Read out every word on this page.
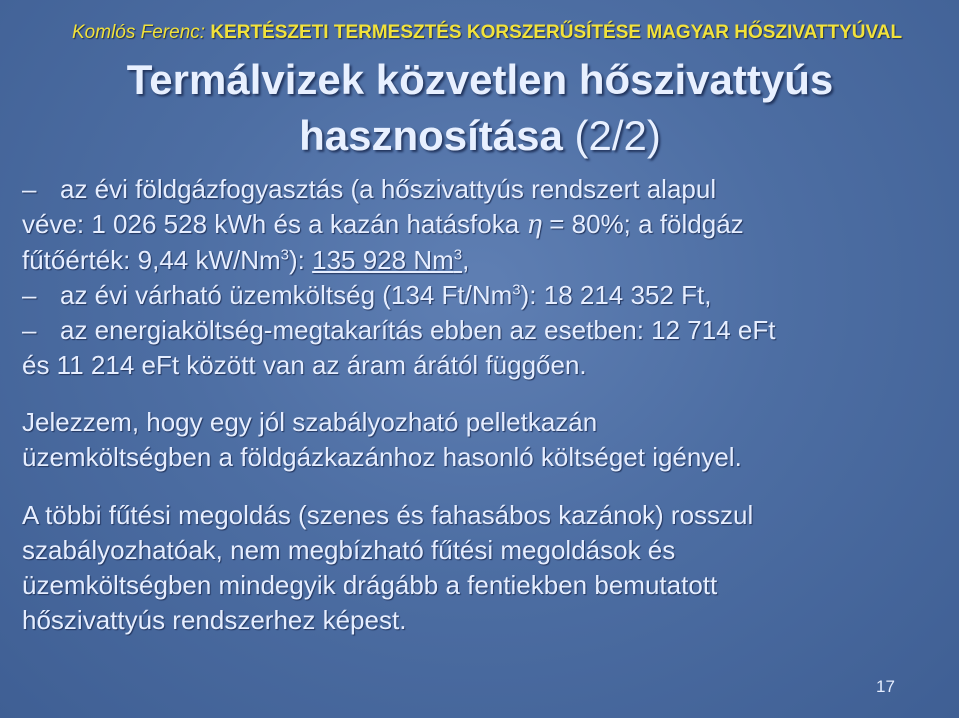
Komlós Ferenc: KERTÉSZETI TERMESZTÉS KORSZERŰSÍTÉSE MAGYAR HŐSZIVATTYÚVAL
Termálvizek közvetlen hőszivattyús
hasznosítása (2/2)
– az évi földgázfogyasztás (a hőszivattyús rendszert alapul
véve: 1 026 528 kWh és a kazán hatásfoka η = 80%; a földgáz
fűtőérték: 9,44 kW/Nm$^3$): 135 928 Nm$^3$,
– az évi várható üzemköltség (134 Ft/Nm$^3$): 18 214 352 Ft,
– az energiaköltség-megtakarítás ebben az esetben: 12 714 eFt
és 11 214 eFt között van az áram árától függően.
Jelezzem, hogy egy jól szabályozható pelletkazán
üzemköltségben a földgázkazánhoz hasonló költséget igényel.
A többi fűtési megoldás (szenes és fahasábos kazánok) rosszul
szabályozhatóak, nem megbízható fűtési megoldások és
üzemköltségben mindegyik drágább a fentiekben bemutatott
hőszivattyús rendszerhez képest.
17
